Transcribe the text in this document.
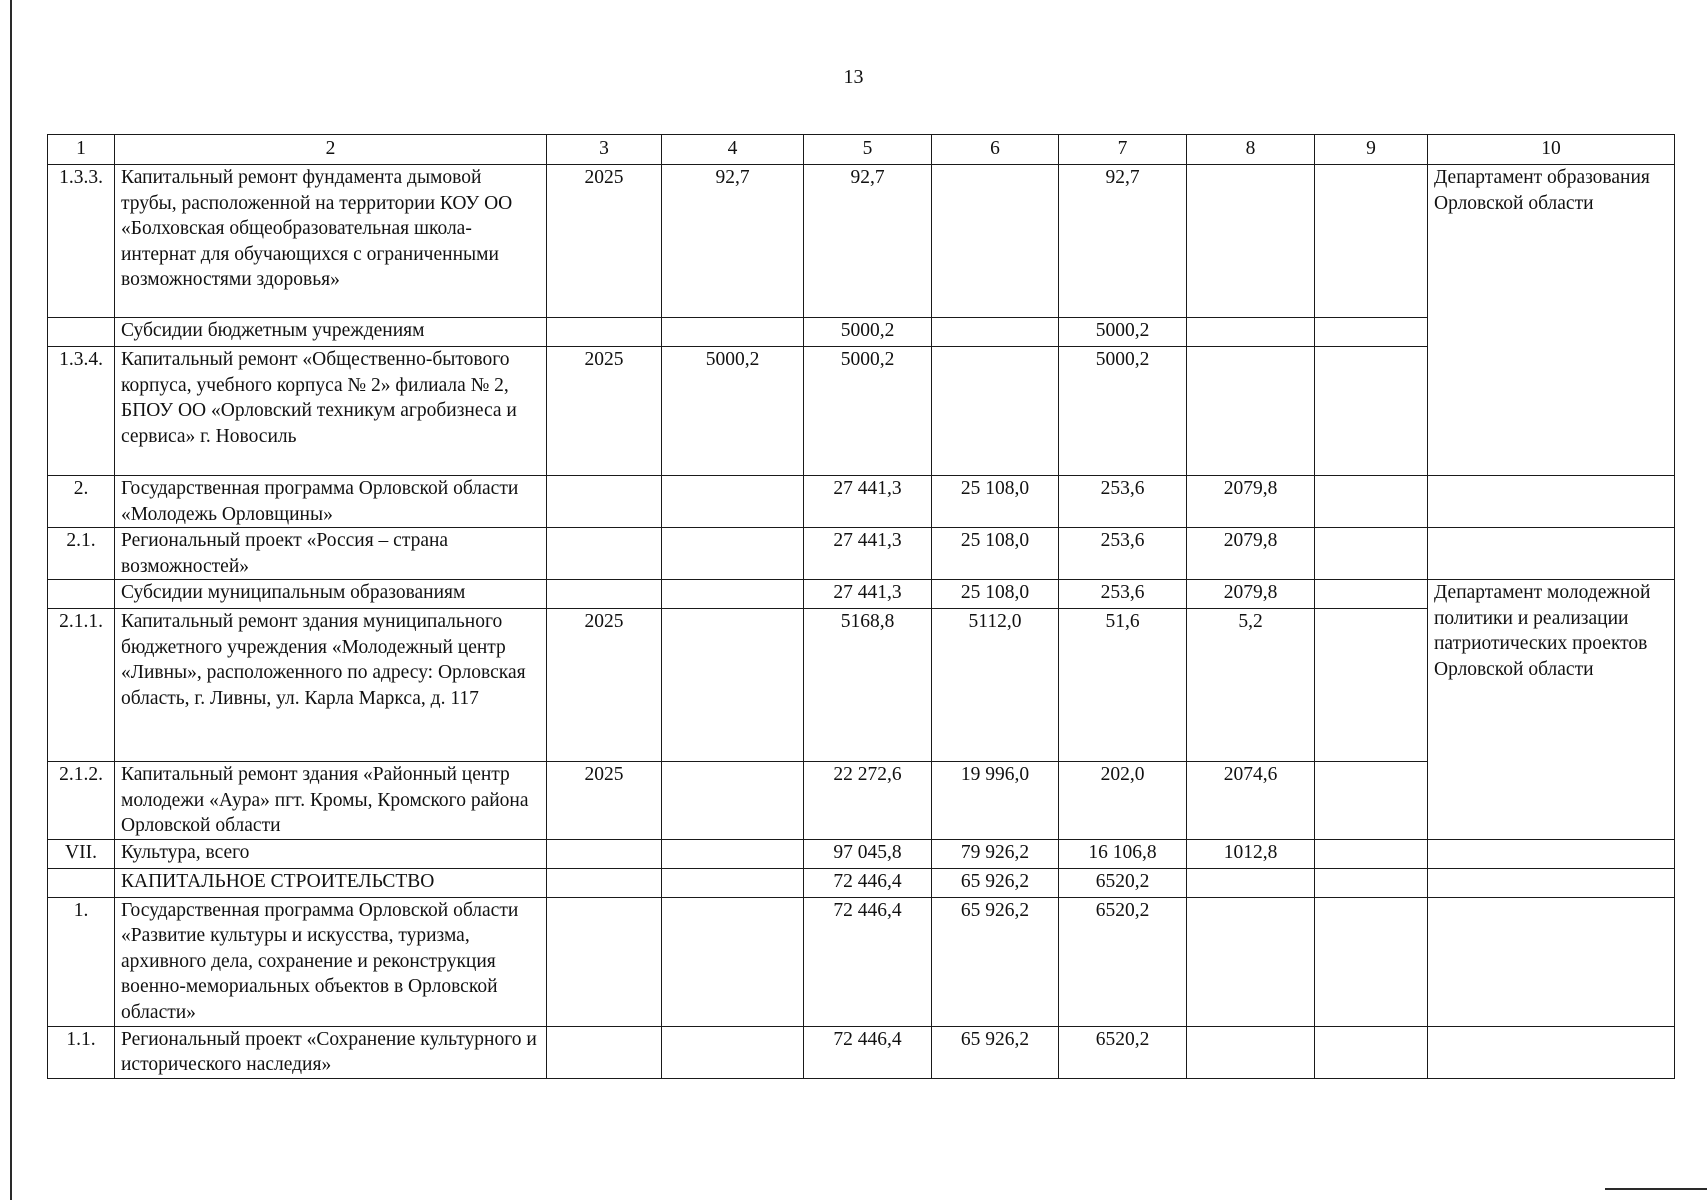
13
1	2	3	4	5	6	7	8	9	10
1.3.3.	Капитальный ремонт фундамента дымовой трубы, расположенной на территории КОУ ОО «Болховская общеобразовательная школа-интернат для обучающихся с ограниченными возможностями здоровья»	2025	92,7	92,7		92,7			Департамент образования Орловской области
	Субсидии бюджетным учреждениям			5000,2		5000,2			
1.3.4.	Капитальный ремонт «Общественно-бытового корпуса, учебного корпуса № 2» филиала № 2, БПОУ ОО «Орловский техникум агробизнеса и сервиса» г. Новосиль	2025	5000,2	5000,2		5000,2			
2.	Государственная программа Орловской области «Молодежь Орловщины»			27 441,3	25 108,0	253,6	2079,8		
2.1.	Региональный проект «Россия – страна возможностей»			27 441,3	25 108,0	253,6	2079,8		
	Субсидии муниципальным образованиям			27 441,3	25 108,0	253,6	2079,8		Департамент молодежной политики и реализации патриотических проектов Орловской области
2.1.1.	Капитальный ремонт здания муниципального бюджетного учреждения «Молодежный центр «Ливны», расположенного по адресу: Орловская область, г. Ливны, ул. Карла Маркса, д. 117	2025		5168,8	5112,0	51,6	5,2		
2.1.2.	Капитальный ремонт здания «Районный центр молодежи «Аура» пгт. Кромы, Кромского района Орловской области	2025		22 272,6	19 996,0	202,0	2074,6		
VII.	Культура, всего			97 045,8	79 926,2	16 106,8	1012,8		
	КАПИТАЛЬНОЕ СТРОИТЕЛЬСТВО			72 446,4	65 926,2	6520,2			
1.	Государственная программа Орловской области «Развитие культуры и искусства, туризма, архивного дела, сохранение и реконструкция военно-мемориальных объектов в Орловской области»			72 446,4	65 926,2	6520,2			
1.1.	Региональный проект «Сохранение культурного и исторического наследия»			72 446,4	65 926,2	6520,2			
